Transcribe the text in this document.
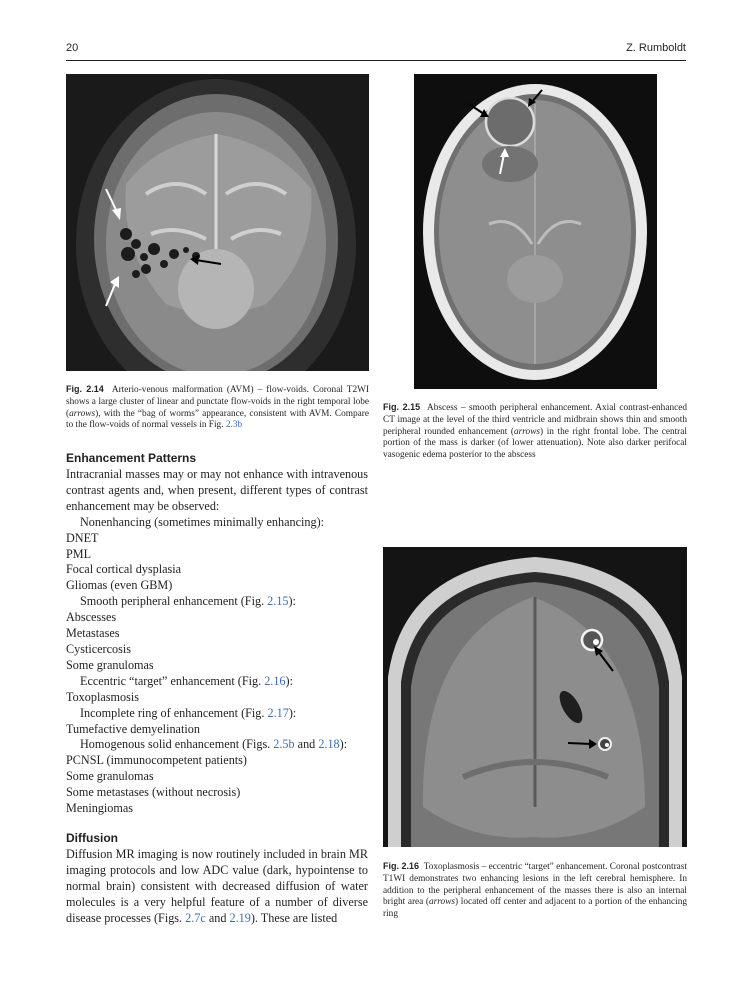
20	Z. Rumboldt
Fig. 2.14 Arterio-venous malformation (AVM) – flow-voids. Coronal T2WI shows a large cluster of linear and punctate flow-voids in the right temporal lobe (arrows), with the “bag of worms” appearance, consistent with AVM. Compare to the flow-voids of normal vessels in Fig. 2.3b
Fig. 2.15 Abscess – smooth peripheral enhancement. Axial contrast-enhanced CT image at the level of the third ventricle and midbrain shows thin and smooth peripheral rounded enhancement (arrows) in the right frontal lobe. The central portion of the mass is darker (of lower attenuation). Note also darker perifocal vasogenic edema posterior to the abscess
Enhancement Patterns

Intracranial masses may or may not enhance with intravenous contrast agents and, when present, different types of contrast enhancement may be observed:

Nonenhancing (sometimes minimally enhancing):
DNET
PML
Focal cortical dysplasia
Gliomas (even GBM)
Smooth peripheral enhancement (Fig. 2.15):
Abscesses
Metastases
Cysticercosis
Some granulomas
Eccentric “target” enhancement (Fig. 2.16):
Toxoplasmosis
Incomplete ring of enhancement (Fig. 2.17):
Tumefactive demyelination
Homogenous solid enhancement (Figs. 2.5b and 2.18):
PCNSL (immunocompetent patients)
Some granulomas
Some metastases (without necrosis)
Meningiomas
Diffusion

Diffusion MR imaging is now routinely included in brain MR imaging protocols and low ADC value (dark, hypointense to normal brain) consistent with decreased diffusion of water molecules is a very helpful feature of a number of diverse disease processes (Figs. 2.7c and 2.19). These are listed

Fig. 2.16 Toxoplasmosis – eccentric “target” enhancement. Coronal postcontrast T1WI demonstrates two enhancing lesions in the left cerebral hemisphere. In addition to the peripheral enhancement of the masses there is also an internal bright area (arrows) located off center and adjacent to a portion of the enhancing ring
